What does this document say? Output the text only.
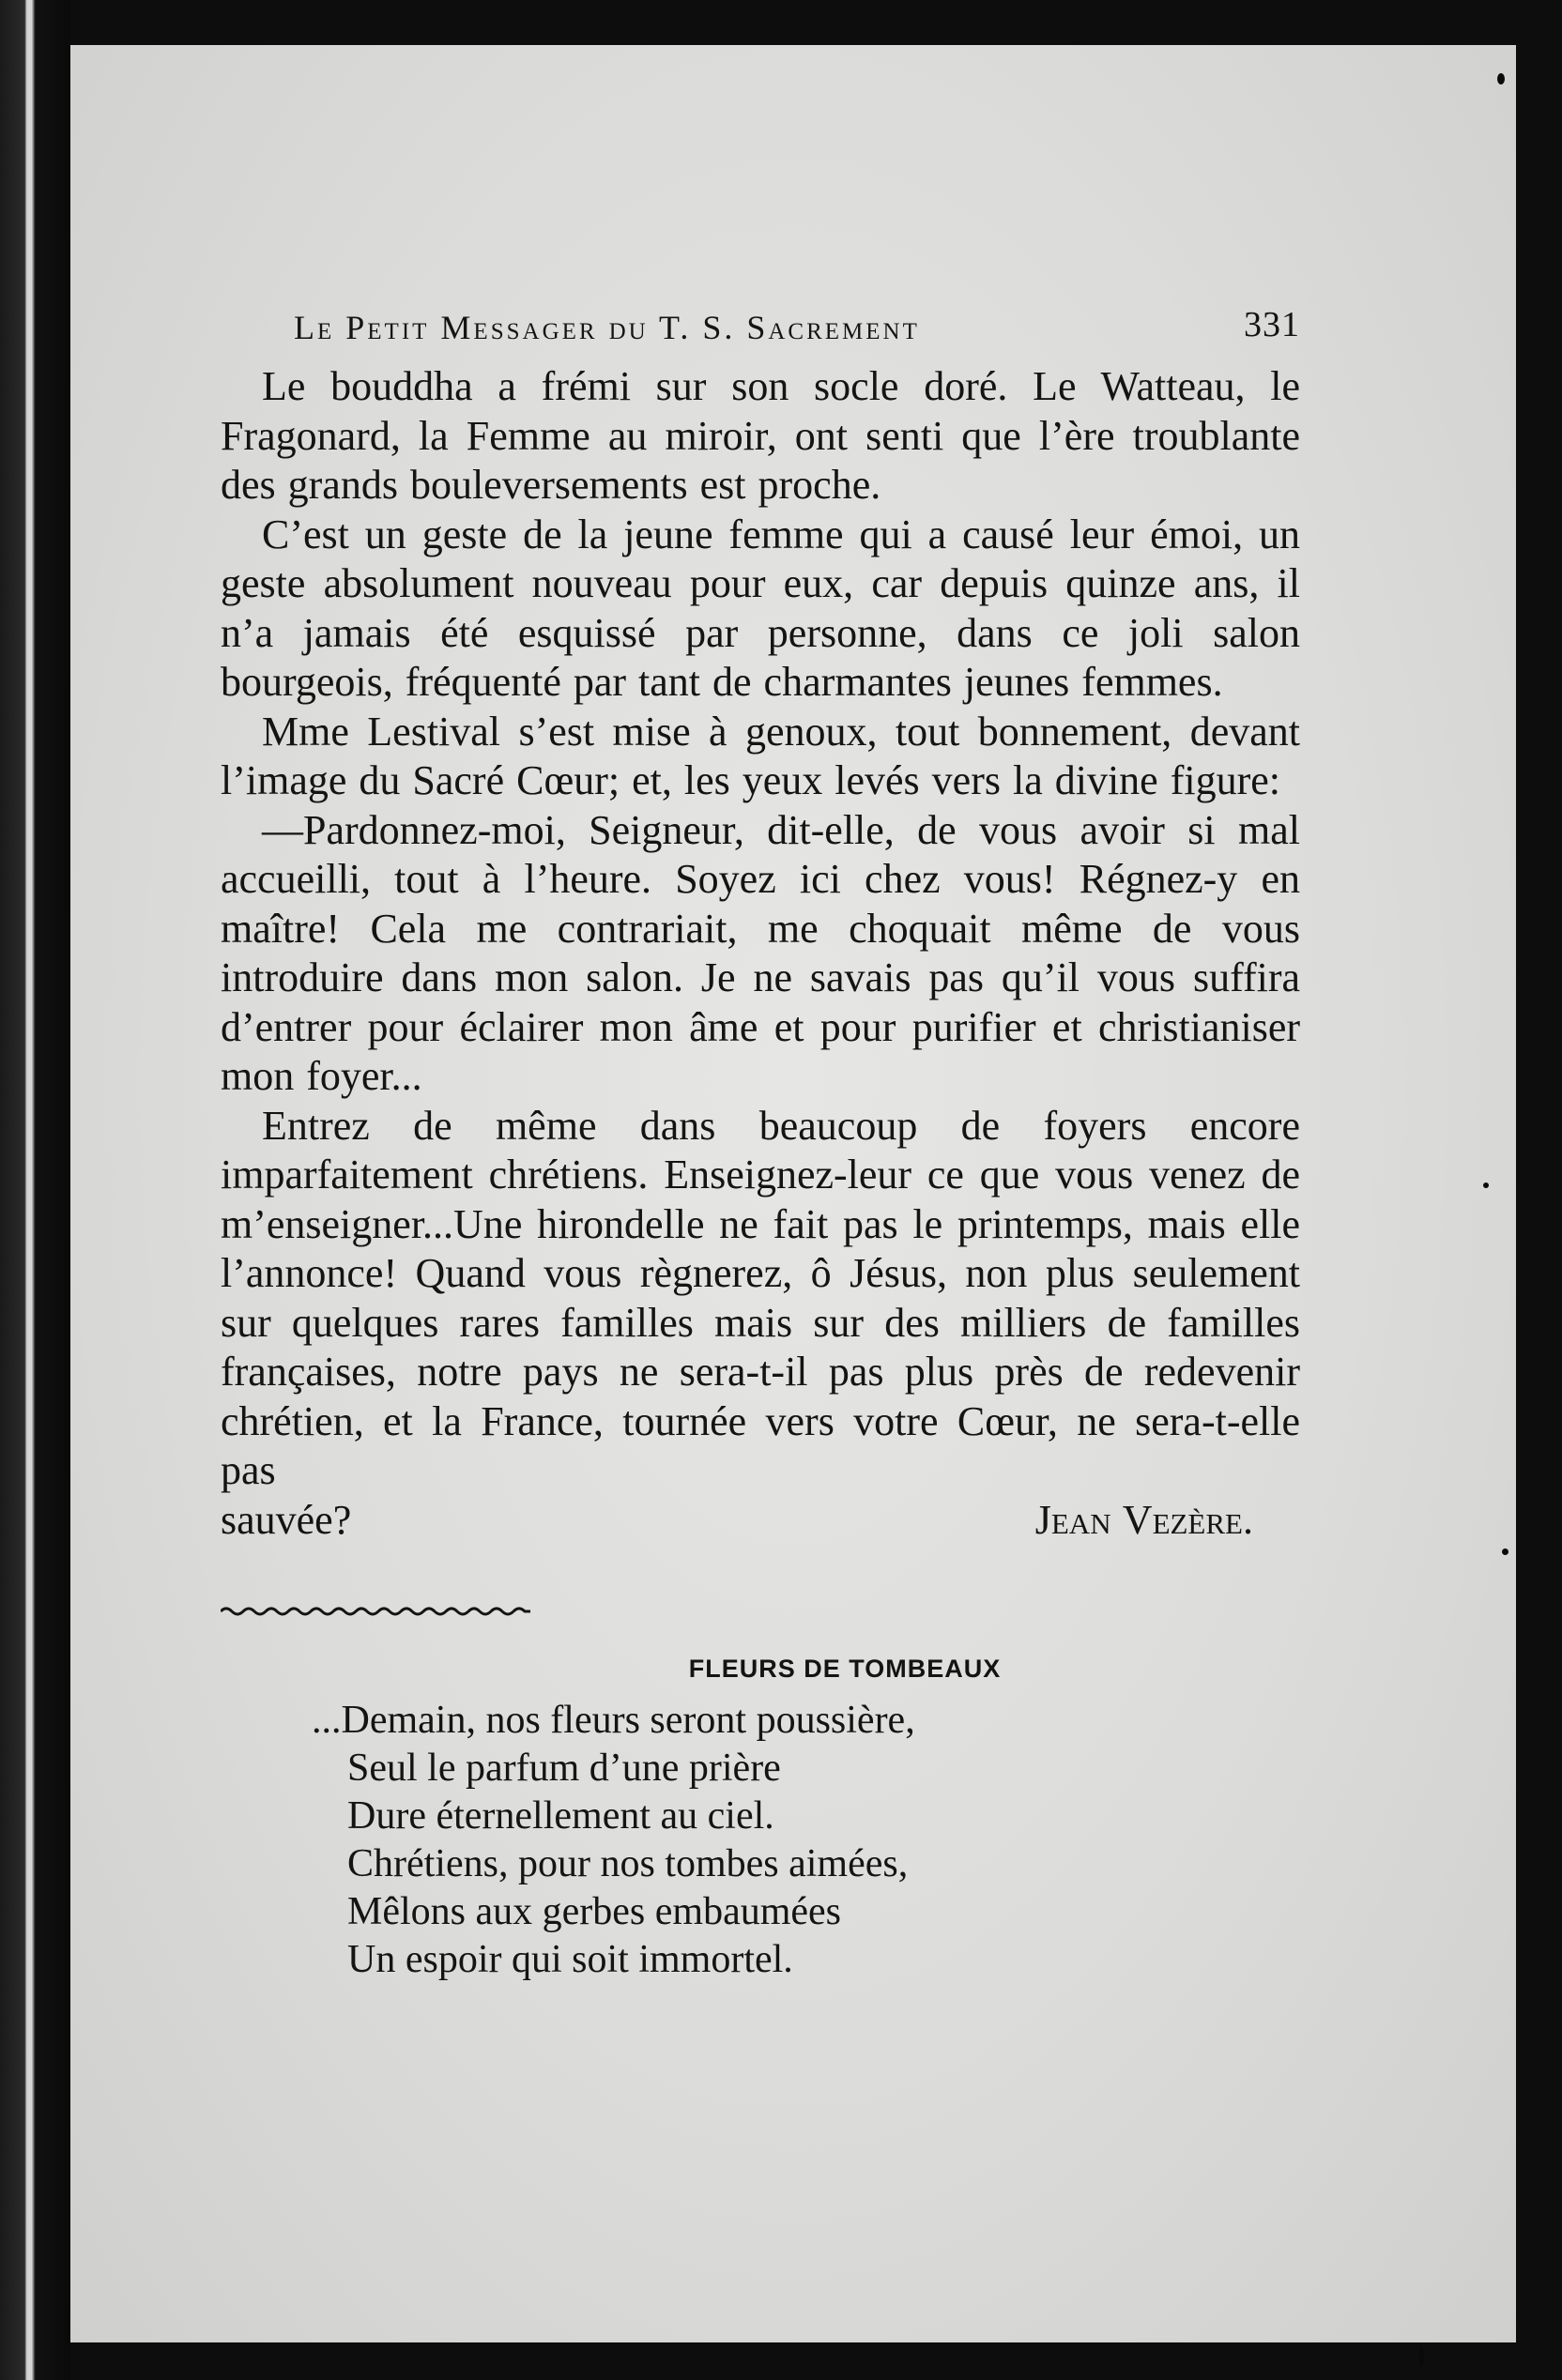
Le Petit Messager du T. S. Sacrement	331

Le bouddha a frémi sur son socle doré. Le Watteau, le Fragonard, la Femme au miroir, ont senti que l’ère troublante des grands bouleversements est proche.

C’est un geste de la jeune femme qui a causé leur émoi, un geste absolument nouveau pour eux, car depuis quinze ans, il n’a jamais été esquissé par personne, dans ce joli salon bourgeois, fréquenté par tant de charmantes jeunes femmes.

Mme Lestival s’est mise à genoux, tout bonnement, devant l’image du Sacré Cœur; et, les yeux levés vers la divine figure:

—Pardonnez-moi, Seigneur, dit-elle, de vous avoir si mal accueilli, tout à l’heure. Soyez ici chez vous! Régnez-y en maître! Cela me contrariait, me choquait même de vous introduire dans mon salon. Je ne savais pas qu’il vous suffira d’entrer pour éclairer mon âme et pour purifier et christianiser mon foyer...

Entrez de même dans beaucoup de foyers encore imparfaitement chrétiens. Enseignez-leur ce que vous venez de m’enseigner...Une hirondelle ne fait pas le printemps, mais elle l’annonce! Quand vous règnerez, ô Jésus, non plus seulement sur quelques rares familles mais sur des milliers de familles françaises, notre pays ne sera-t-il pas plus près de redevenir chrétien, et la France, tournée vers votre Cœur, ne sera-t-elle pas

sauvée?	Jean Vezère.

FLEURS DE TOMBEAUX
...Demain, nos fleurs seront poussière,
Seul le parfum d’une prière
Dure éternellement au ciel.
Chrétiens, pour nos tombes aimées,
Mêlons aux gerbes embaumées
Un espoir qui soit immortel.
